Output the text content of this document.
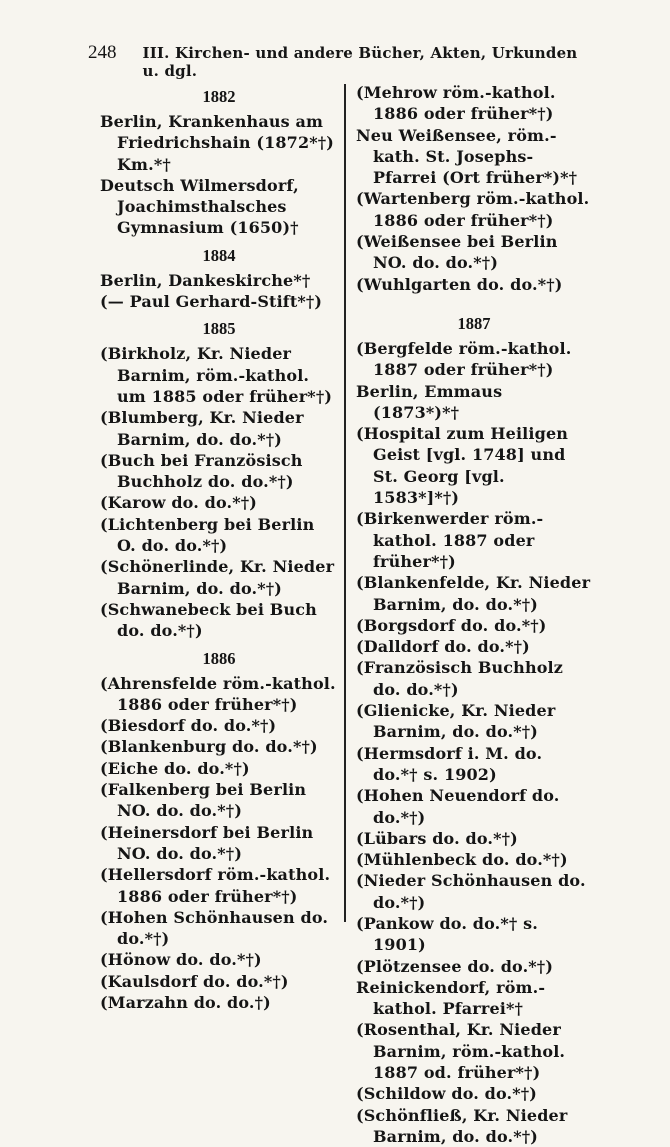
248 III. Kirchen- und andere Bücher, Akten, Urkunden u. dgl.
1882
Berlin, Krankenhaus am Friedrichshain (1872*†) Km.*†
Deutsch Wilmersdorf, Joachimsthalsches Gymnasium (1650)†
1884
Berlin, Dankeskirche*†
(— Paul Gerhard-Stift*†)
1885
(Birkholz, Kr. Nieder Barnim, röm.-kathol. um 1885 oder früher*†)
(Blumberg, Kr. Nieder Barnim, do. do.*†)
(Buch bei Französisch Buchholz do. do.*†)
(Karow do. do.*†)
(Lichtenberg bei Berlin O. do. do.*†)
(Schönerlinde, Kr. Nieder Barnim, do. do.*†)
(Schwanebeck bei Buch do. do.*†)
1886
(Ahrensfelde röm.-kathol. 1886 oder früher*†)
(Biesdorf do. do.*†)
(Blankenburg do. do.*†)
(Eiche do. do.*†)
(Falkenberg bei Berlin NO. do. do.*†)
(Heinersdorf bei Berlin NO. do. do.*†)
(Hellersdorf röm.-kathol. 1886 oder früher*†)
(Hohen Schönhausen do. do.*†)
(Hönow do. do.*†)
(Kaulsdorf do. do.*†)
(Marzahn do. do.†)
(Mehrow röm.-kathol. 1886 oder früher*†)
Neu Weißensee, röm.-kath. St. Josephs-Pfarrei (Ort früher*)*†
(Wartenberg röm.-kathol. 1886 oder früher*†)
(Weißensee bei Berlin NO. do. do.*†)
(Wuhlgarten do. do.*†)
1887
(Bergfelde röm.-kathol. 1887 oder früher*†)
Berlin, Emmaus (1873*)*†
(Hospital zum Heiligen Geist [vgl. 1748] und St. Georg [vgl. 1583*]*†)
(Birkenwerder röm.-kathol. 1887 oder früher*†)
(Blankenfelde, Kr. Nieder Barnim, do. do.*†)
(Borgsdorf do. do.*†)
(Dalldorf do. do.*†)
(Französisch Buchholz do. do.*†)
(Glienicke, Kr. Nieder Barnim, do. do.*†)
(Hermsdorf i. M. do. do.*† s. 1902)
(Hohen Neuendorf do. do.*†)
(Lübars do. do.*†)
(Mühlenbeck do. do.*†)
(Nieder Schönhausen do. do.*†)
(Pankow do. do.*† s. 1901)
(Plötzensee do. do.*†)
Reinickendorf, röm.-kathol. Pfarrei*†
(Rosenthal, Kr. Nieder Barnim, röm.-kathol. 1887 od. früher*†)
(Schildow do. do.*†)
(Schönfließ, Kr. Nieder Barnim, do. do.*†)
